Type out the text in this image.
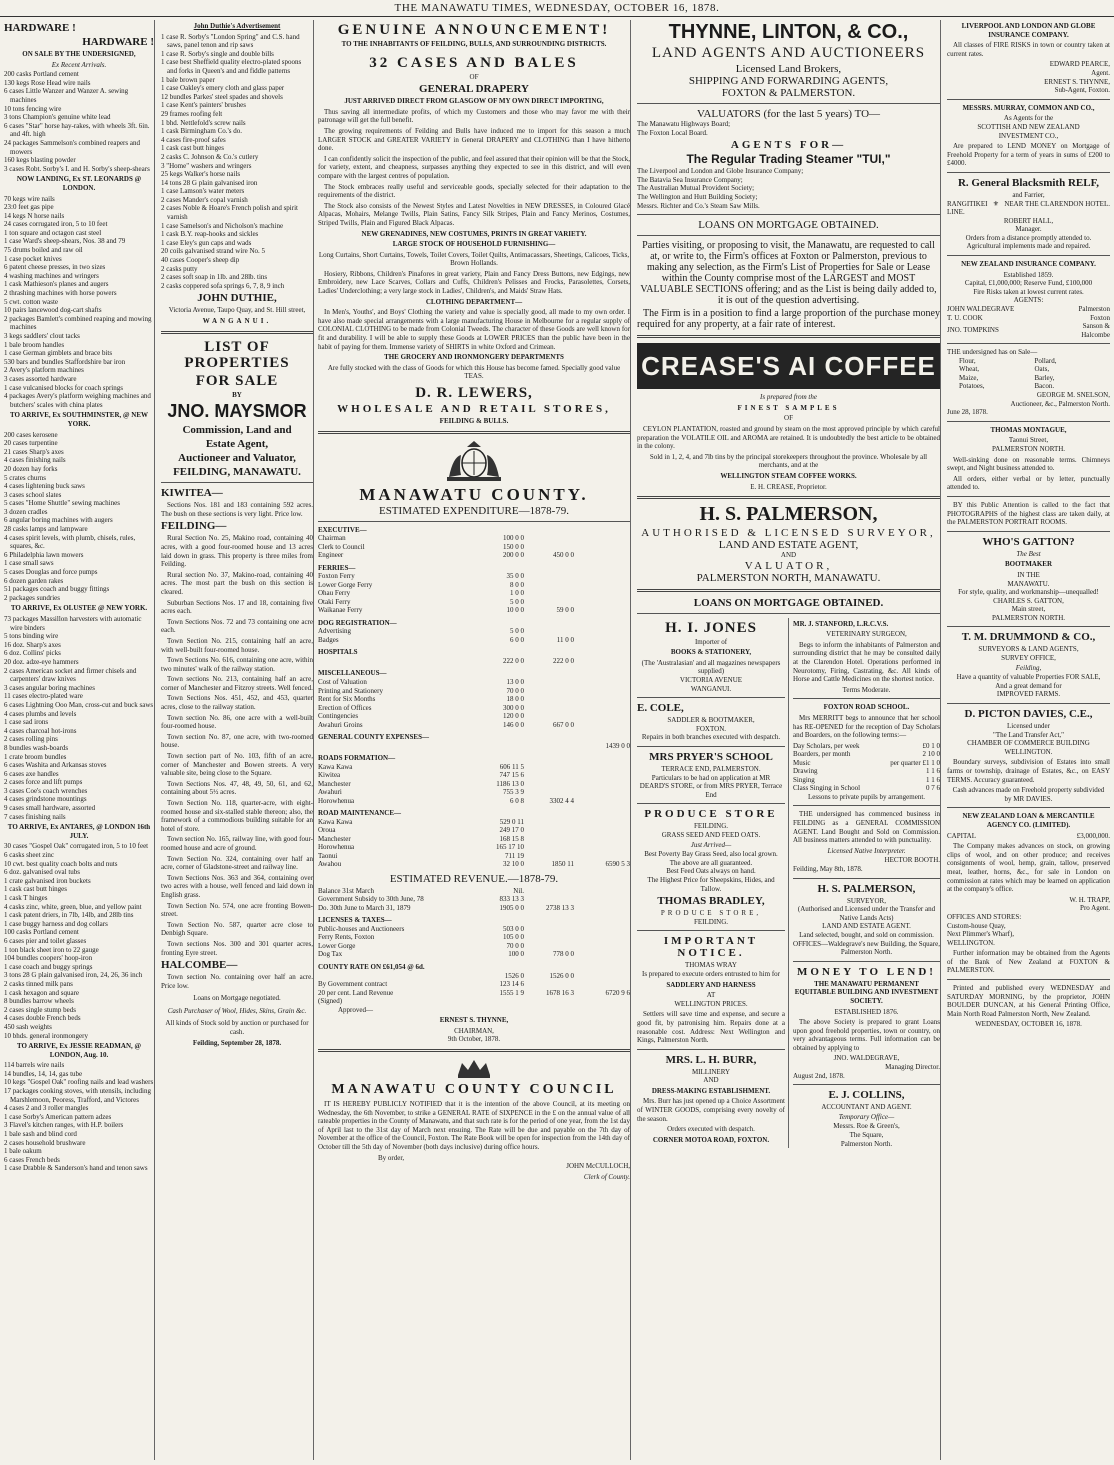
THE MANAWATU TIMES, WEDNESDAY, OCTOBER 16, 1878.
HARDWARE !
HARDWARE !
ON SALE BY THE UNDERSIGNED,
Ex Recent Arrivals.
200 casks Portland cement
130 kegs Rose Head wire nails
6 cases Little Wanzer and Wanzer A. sewing machines
10 tons fencing wire
3 tons Champion's genuine white lead
6 cases "Star" horse hay-rakes, with wheels 3ft. 6in. and 4ft. high
24 packages Sammelson's combined reapers and mowers
160 kegs blasting powder
3 cases Robt. Sorby's I. and H. Sorby's sheep-shears
NOW LANDING, Ex ST. LEONARDS @ LONDON.
70 kegs wire nails
23:0 feet gas pipe
14 kegs N horse nails
24 cases corrugated iron, 5 to 10 feet
1 ton square and octagon cast steel
1 case Ward's sheep-shears, Nos. 38 and 79
75 drums boiled and raw oil
1 case pocket knives
6 patent cheese presses, in two sizes
4 washing machines and wringers
1 cask Mathieson's planes and augers
2 thrashing machines with horse powers
5 cwt. cotton waste
10 pairs lancewood dog-cart shafts
2 packages Bamlett's combined reaping and mowing machines
3 kegs saddlers' clout tacks
1 bale broom handles
1 case German gimblets and brace bits
530 bars and bundles Staffordshire bar iron
2 Avery's platform machines
3 cases assorted hardware
1 case vulcanised blocks for coach springs
4 packages Avery's platform weighing machines and butchers' scales with china plates
TO ARRIVE, Ex SOUTHMINSTER, @ NEW YORK.
200 cases kerosene
20 cases turpentine
21 cases Sharp's axes
4 cases finishing nails
20 dozen hay forks
5 crates churns
4 cases lightening buck saws
3 cases school slates
5 cases "Home Shuttle" sewing machines
3 dozen cradles
6 angular boring machines with augers
28 casks lamps and lampware
4 cases spirit levels, with plumb, chisels, rules, squares, &c.
6 Philadelphia lawn mowers
1 case small saws
5 cases Douglas and force pumps
6 dozen garden rakes
51 packages coach and buggy fittings
2 packages sundries
TO ARRIVE, Ex OLUSTEE @ NEW YORK.
73 packages Massillon harvesters with automatic wire binders
5 tons binding wire
16 doz. Sharp's axes
6 doz. Collins' picks
20 doz. adze-eye hammers
2 cases American socket and firmer chisels and carpenters' draw knives
3 cases angular boring machines
11 cases electro-plated ware
6 cases Lightning Ooo Man, cross-cut and buck saws
4 cases plumbs and levels
1 case sad irons
4 cases charcoal hot-irons
2 cases rolling pins
8 bundles wash-boards
1 crate broom bundles
6 cases Washita and Arkansas stoves
6 cases axe handles
2 cases force and lift pumps
3 cases Coe's coach wrenches
4 cases grindstone mountings
9 cases small hardware, assorted
7 cases finishing nails
TO ARRIVE, Ex ANTARES, @ LONDON 16th JULY.
30 cases "Gospel Oak" corrugated iron, 5 to 10 feet
6 casks sheet zinc
10 cwt. best quality coach bolts and nuts
6 doz. galvanised oval tubs
1 crate galvanised iron buckets
1 cask cast butt hinges
1 cask T hinges
4 casks zinc, white, green, blue, and yellow paint
1 cask patent driers, in 7lb, 14lb, and 28lb tins
1 case buggy harness and dog collars
100 casks Portland cement
6 cases pier and toilet glasses
1 ton black sheet iron to 22 gauge
104 bundles coopers' hoop-iron
1 case coach and buggy springs
3 tons 28 G plain galvanised iron, 24, 26, 36 inch
2 casks tinned milk pans
1 cask hexagon and square
8 bundles barrow wheels
2 cases single stump beds
4 cases double French beds
450 sash weights
10 bhds. general ironmongery
TO ARRIVE, Ex JESSIE READMAN, @ LONDON, Aug. 10.
114 barrels wire nails
14 bundles, 14, 14, gas tube
10 kegs "Gospel Oak" roofing nails and lead washers
17 packages cooking stoves, with utensils, including Marshlemoon, Peoress, Trafford, and Victores
4 cases 2 and 3 roller mangles
1 case Sorby's American pattern adzes
3 Flavel's kitchen ranges, with H.P. boilers
1 bale sash and blind cord
2 cases household brushware
1 bale oakum
6 cases French beds
1 case Drabble & Sanderson's hand and tenon saws
John Duthie's Advertisement
1 case R. Sorby's "London Spring" and C.S. hand saws, panel tenon and rip saws
1 case R. Sorby's single and double bills
1 case best Sheffield quality electro-plated spoons and forks in Queen's and and fiddle patterns
1 bale brown paper
1 case Oakley's emery cloth and glass paper
12 bundles Parkes' steel spades and shovels
1 case Kent's painters' brushes
29 frames roofing felt
1 bhd. Nettlefold's screw nails
1 cask Birmingham Co.'s do.
4 cases fire-proof safes
1 cask cast butt hinges
2 casks C. Johnson & Co.'s cutlery
3 "Home" washers and wringers
25 kegs Walker's horse nails
14 tons 28 G plain galvanised iron
1 case Lamson's water meters
2 cases Mander's copal varnish
2 cases Noble & Hoare's French polish and spirit varnish
1 case Samelson's and Nicholson's machine
1 cask B.Y. reap-hooks and sickles
1 case Eley's gun caps and wads
20 coils galvanised strand wire No. 5
40 cases Cooper's sheep dip
2 casks putty
2 cases soft soap in 1lb. and 28lb. tins
2 casks coppered sofa springs 6, 7, 8, 9 inch
JOHN DUTHIE,
Victoria Avenue, Taupo Quay, and St. Hill street,
WANGANUI.
LIST OF PROPERTIES
FOR SALE
BY
JNO. MAYSMOR
Commission, Land and
Estate Agent,
Auctioneer and Valuator,
FEILDING, MANAWATU.
KIWITEA—
Sections Nos. 181 and 183 containing 592 acres. The bush on these sections is very light. Price low.
FEILDING—
Rural Section No. 25, Makino road, containing 40 acres, with a good four-roomed house and 13 acres laid down in grass. This property is three miles from Feilding.
Rural section No. 37, Makino-road, containing 40 acres. The most part the bush on this section is cleared.
Suburban Sections Nos. 17 and 18, containing five acres each.
Town Sections Nos. 72 and 73 containing one acre each.
Town Section No. 215, containing half an acre, with well-built four-roomed house.
Town Sections No. 616, containing one acre, within two minutes' walk of the railway station.
Town sections No. 213, containing half an acre, corner of Manchester and Fitzroy streets. Well fenced.
Town Sections Nos. 451, 452, and 453, quarter acres, close to the railway station.
Town section No. 86, one acre with a well-built four-roomed house.
Town section No. 87, one acre, with two-roomed house.
Town section part of No. 103, fifth of an acre, corner of Manchester and Bowen streets. A very valuable site, being close to the Square.
Town Sections Nos. 47, 48, 49, 50, 61, and 62, containing about 5½ acres.
Town Section No. 118, quarter-acre, with eight-roomed house and six-stalled stable thereon; also, the framework of a commodious building suitable for an hotel of store.
Town section No. 165, railway line, with good four-roomed house and acre of ground.
Town Section No. 324, containing over half an acre, corner of Gladstone-street and railway line.
Town Sections Nos. 363 and 364, containing over two acres with a house, well fenced and laid down in English grass.
Town Section No. 574, one acre fronting Bowen-street.
Town Section No. 587, quarter acre close to Denbigh Square.
Town sections Nos. 300 and 301 quarter acres, fronting Eyre street.
HALCOMBE—
Town section No. containing over half an acre. Price low.
Loans on Mortgage negotiated.
Cash Purchaser of Wool, Hides, Skins, Grain &c.
All kinds of Stock sold by auction or purchased for cash.
Feilding, September 28, 1878.
GENUINE ANNOUNCEMENT!
TO THE INHABITANTS OF FEILDING, BULLS, AND SURROUNDING DISTRICTS.
32 CASES AND BALES
OF
GENERAL DRAPERY
JUST ARRIVED DIRECT FROM GLASGOW OF MY OWN DIRECT IMPORTING,
Thus saving all intermediate profits, of which my Customers and those who may favor me with their patronage will get the full benefit.
The growing requirements of Feilding and Bulls have induced me to import for this season a much LARGER STOCK and GREATER VARIETY in General DRAPERY and CLOTHING than I have hitherto done.
I can confidently solicit the inspection of the public, and feel assured that their opinion will be that the Stock, for variety, extent, and cheapness, surpasses anything they expected to see in this district, and will even compare with the largest centres of population.
The Stock embraces really useful and serviceable goods, specially selected for their adaptation to the requirements of the district.
The Stock also consists of the Newest Styles and Latest Novelties in NEW DRESSES, in Coloured Glacé Alpacas, Mohairs, Melange Twills, Plain Satins, Fancy Silk Stripes, Plain and Fancy Merinos, Costumes, Striped Twills, Plain and Figured Black Alpacas.
NEW GRENADINES, NEW COSTUMES, PRINTS IN GREAT VARIETY.
LARGE STOCK OF HOUSEHOLD FURNISHING—
Long Curtains, Short Curtains, Towels, Toilet Covers, Toilet Quilts, Antimacassars, Sheetings, Calicoes, Ticks, Brown Hollands.
Hosiery, Ribbons, Children's Pinafores in great variety, Plain and Fancy Dress Buttons, new Edgings, new Embroidery, new Lace Scarves, Collars and Cuffs, Children's Pelisses and Frocks, Parasolettes, Corsets, Ladies' Underclothing; a very large stock in Ladies', Children's, and Maids' Straw Hats.
CLOTHING DEPARTMENT—
In Men's, Youths', and Boys' Clothing the variety and value is specially good, all made to my own order. I have also made special arrangements with a large manufacturing House in Melbourne for a regular supply of COLONIAL CLOTHING to be made from Colonial Tweeds. The character of these Goods are well known for fit and durability. I will be able to supply these Goods at LOWER PRICES than the public have been in the habit of paying for them. Immense variety of SHIRTS in white Oxford and Crimean.
THE GROCERY AND IRONMONGERY DEPARTMENTS
Are fully stocked with the class of Goods for which this House has become famed. Specially good value TEAS.
D. R. LEWERS,
WHOLESALE AND RETAIL STORES,
FEILDING & BULLS.
MANAWATU COUNTY.
ESTIMATED EXPENDITURE—1878-79.
EXECUTIVE—
Chairman	100 0 0		
Clerk to Council	150 0 0		
Engineer	200 0 0	450 0 0	
FERRIES—
Foxton Ferry	35 0 0		
Lower Gorge Ferry	8 0 0		
Ohau Ferry	1 0 0		
Otaki Ferry	5 0 0		
Waikanae Ferry	10 0 0	59 0 0	
DOG REGISTRATION—
Advertising	5 0 0		
Badges	6 0 0	11 0 0	
HOSPITALS
	222 0 0	222 0 0	
MISCELLANEOUS—
Cost of Valuation	13 0 0		
Printing and Stationery	70 0 0		
Rent for Six Months	18 0 0		
Erection of Offices	300 0 0		
Contingencies	120 0 0		
Awahuri Groins	146 0 0	667 0 0	
GENERAL COUNTY EXPENSES—
			1439 0 0
ROADS FORMATION—
Kawa Kawa	606 11 5		
Kiwitea	747 15 6		
Manchester	1186 13 0		
Awahuri	755 3 9		
Horowhenua	6 0 8	3302 4 4	
ROAD MAINTENANCE—
Kawa Kawa	529 0 11		
Oroua	249 17 0		
Manchester	168 15 8		
Horowhenua	165 17 10		
Taonui	711 19		
Awahou	32 10 0	1850 11	6590 5 3
ESTIMATED REVENUE.—1878-79.
Balance 31st March	Nil.		
Government Subsidy to 30th June, 78	833 13 3		
Do. 30th June to March 31, 1879	1905 0 0	2738 13 3	
LICENSES & TAXES—
Public-houses and Auctioneers	503 0 0		
Ferry Rents, Foxton	105 0 0		
Lower Gorge	70 0 0		
Dog Tax	100 0	778 0 0	
COUNTY RATE ON £61,054 @ 6d.
	1526 0	1526 0 0	
By Government contract	123 14 6		
20 per cent. Land Revenue	1555 1 9	1678 16 3	6720 9 6
(Signed)
Approved—
ERNEST S. THYNNE,
CHAIRMAN,
9th October, 1878.
MANAWATU COUNTY COUNCIL
IT IS HEREBY PUBLICLY NOTIFIED that it is the intention of the above Council, at its meeting on Wednesday, the 6th November, to strike a GENERAL RATE of SIXPENCE in the £ on the annual value of all rateable properties in the County of Manawatu, and that such rate is for the period of one year, from the 1st day of April last to the 31st day of March next ensuing. The Rate will be due and payable on the 7th day of November at the office of the Council, Foxton. The Rate Book will be open for inspection from the 14th day of October till the 5th day of November (both days inclusive) during office hours.
By order,
JOHN McCULLOCH,
Clerk of County.
THYNNE, LINTON, & CO.,
LAND AGENTS AND AUCTIONEERS
Licensed Land Brokers,
SHIPPING AND FORWARDING AGENTS,
FOXTON & PALMERSTON.
VALUATORS (for the last 5 years) TO—
The Manawatu Highways Board;
The Foxton Local Board.
AGENTS FOR—
The Regular Trading Steamer "TUI,"
The Liverpool and London and Globe Insurance Company;
The Batavia Sea Insurance Company;
The Australian Mutual Provident Society;
The Wellington and Hutt Building Society;
Messrs. Richter and Co.'s Steam Saw Mills.
LOANS ON MORTGAGE OBTAINED.
Parties visiting, or proposing to visit, the Manawatu, are requested to call at, or write to, the Firm's offices at Foxton or Palmerston, previous to making any selection, as the Firm's List of Properties for Sale or Lease within the County comprise most of the LARGEST and MOST VALUABLE SECTIONS offering; and as the List is being daily added to, it is out of the question advertising.
The Firm is in a position to find a large proportion of the purchase money required for any property, at a fair rate of interest.
CREASE'S AI COFFEE
Is prepared from the
FINEST SAMPLES
OF
CEYLON PLANTATION, roasted and ground by steam on the most approved principle by which careful preparation the VOLATILE OIL and AROMA are retained. It is undoubtedly the best article to be obtained in the colony.
Sold in 1, 2, 4, and 7lb tins by the principal storekeepers throughout the province. Wholesale by all merchants, and at the
WELLINGTON STEAM COFFEE WORKS.
E. H. CREASE, Proprietor.
H. S. PALMERSON,
AUTHORISED & LICENSED SURVEYOR,
LAND AND ESTATE AGENT,
AND
VALUATOR,
PALMERSTON NORTH, MANAWATU.
LOANS ON MORTGAGE OBTAINED.
H. I. JONES
Importer of
BOOKS & STATIONERY,
(The 'Australasian' and all magazines newspapers supplied)
VICTORIA AVENUE
WANGANUI.
E. COLE,
SADDLER & BOOTMAKER,
FOXTON.
Repairs in both branches executed with despatch.
MRS PRYER'S SCHOOL
TERRACE END, PALMERSTON.
Particulars to be had on application at MR DEARD'S STORE, or from MRS PRYER, Terrace End
PRODUCE STORE
FEILDING.
GRASS SEED AND FEED OATS.
Just Arrived—
Best Poverty Bay Grass Seed, also local grown.
The above are all guaranteed.
Best Feed Oats always on hand.
The Highest Price for Sheepskins, Hides, and Tallow.
THOMAS BRADLEY,
PRODUCE STORE,
FEILDING.
IMPORTANT NOTICE.
THOMAS WRAY
Is prepared to execute orders entrusted to him for
SADDLERY AND HARNESS
AT
WELLINGTON PRICES.
Settlers will save time and expense, and secure a good fit, by patronising him. Repairs done at a reasonable cost. Address: Next Wellington and Kings, Palmerston North.
MRS. L. H. BURR,
MILLINERY
AND
DRESS-MAKING ESTABLISHMENT.
Mrs. Burr has just opened up a Choice Assortment of WINTER GOODS, comprising every novelty of the season.
Orders executed with despatch.
CORNER MOTOA ROAD, FOXTON.
MR. J. STANFORD, L.R.C.V.S.
VETERINARY SURGEON,
Begs to inform the inhabitants of Palmerston and surrounding district that he may be consulted daily at the Clarendon Hotel. Operations performed in Neurotomy, Firing, Castrating, &c. All kinds of Horse and Cattle Medicines on the shortest notice.
Terms Moderate.
FOXTON ROAD SCHOOL.
Mrs MERRITT begs to announce that her school has RE-OPENED for the reception of Day Scholars and Boarders, on the following terms:—
Day Scholars, per week	£0 1 0
Boarders, per month	2 10 0
Music	per quarter £1 1 0
Drawing	1 1 6
Singing	1 1 6
Class Singing in School	0 7 6
Lessons to private pupils by arrangement.
THE undersigned has commenced business in FEILDING as a GENERAL COMMISSION AGENT. Land Bought and Sold on Commission. All business matters attended to with punctuality.
Licensed Native Interpreter.
HECTOR BOOTH.
Feilding, May 8th, 1878.
H. S. PALMERSON,
SURVEYOR,
(Authorised and Licensed under the Transfer and Native Lands Acts)
LAND AND ESTATE AGENT.
Land selected, bought, and sold on commission.
OFFICES—Waldegrave's new Building, the Square, Palmerston North.
MONEY TO LEND!
THE MANAWATU PERMANENT EQUITABLE BUILDING AND INVESTMENT SOCIETY.
ESTABLISHED 1876.
The above Society is prepared to grant Loans upon good freehold properties, town or country, on very advantageous terms. Full information can be obtained by applying to
JNO. WALDEGRAVE,
Managing Director.
August 2nd, 1878.
E. J. COLLINS,
ACCOUNTANT AND AGENT.
Temporary Office—
Messrs. Roe & Green's,
The Square,
Palmerston North.
LIVERPOOL AND LONDON AND GLOBE INSURANCE COMPANY.
All classes of FIRE RISKS in town or country taken at current rates.
EDWARD PEARCE,
Agent.
ERNEST S. THYNNE,
Sub-Agent, Foxton.
MESSRS. MURRAY, COMMON AND CO.,
As Agents for the
SCOTTISH AND NEW ZEALAND
INVESTMENT CO.,
Are prepared to LEND MONEY on Mortgage of Freehold Property for a term of years in sums of £200 to £4000.
R. General Blacksmith RELF,
and Farrier,
RANGITIKEI ⚜ NEAR THE CLARENDON HOTEL.
LINE.
ROBERT HALL,
Manager.
Orders from a distance promptly attended to.
Agricultural implements made and repaired.
NEW ZEALAND INSURANCE COMPANY.
Established 1859.
Capital, £1,000,000; Reserve Fund, £100,000
Fire Risks taken at lowest current rates.
AGENTS:
JOHN WALDEGRAVE	Palmerston
T. U. COOK	Foxton
JNO. TOMPKINS	Sanson & Halcombe
THE undersigned has on Sale—
Flour,	Pollard,
Wheat,	Oats,
Maize,	Barley,
Potatoes,	Bacon.
GEORGE M. SNELSON,
Auctioneer, &c., Palmerston North.
June 28, 1878.
THOMAS MONTAGUE,
Taonui Street,
PALMERSTON NORTH.
Well-sinking done on reasonable terms. Chimneys swept, and Night business attended to.
All orders, either verbal or by letter, punctually attended to.
BY this Public Attention is called to the fact that PHOTOGRAPHS of the highest class are taken daily, at the PALMERSTON PORTRAIT ROOMS.
WHO'S GATTON?
The Best
BOOTMAKER
IN THE
MANAWATU.
For style, quality, and workmanship—unequalled!
CHARLES S. GATTON,
Main street,
PALMERSTON NORTH.
T. M. DRUMMOND & CO.,
SURVEYORS & LAND AGENTS,
SURVEY OFFICE,
Feilding,
Have a quantity of valuable Properties FOR SALE,
And a great demand for
IMPROVED FARMS.
D. PICTON DAVIES, C.E.,
Licensed under
"The Land Transfer Act,"
CHAMBER OF COMMERCE BUILDING
WELLINGTON.
Boundary surveys, subdivision of Estates into small farms or township, drainage of Estates, &c., on EASY TERMS. Accuracy guaranteed.
Cash advances made on Freehold property subdivided
by MR DAVIES.
NEW ZEALAND LOAN & MERCANTILE AGENCY CO. (LIMITED).
CAPITAL	£3,000,000.
The Company makes advances on stock, on growing clips of wool, and on other produce; and receives consignments of wool, hemp, grain, tallow, preserved meat, leather, horns, &c., for sale in London on commission at rates which may be learned on application at the company's office.
W. H. TRAPP,
Pro Agent.
OFFICES AND STORES:
Custom-house Quay,
Next Plimmer's Wharf),
WELLINGTON.
Further information may be obtained from the Agents of the Bank of New Zealand at FOXTON & PALMERSTON.
Printed and published every WEDNESDAY and SATURDAY MORNING, by the proprietor, JOHN BOULDER DUNCAN, at his General Printing Office, Main North Road Palmerston North, New Zealand.
WEDNESDAY, OCTOBER 16, 1878.
